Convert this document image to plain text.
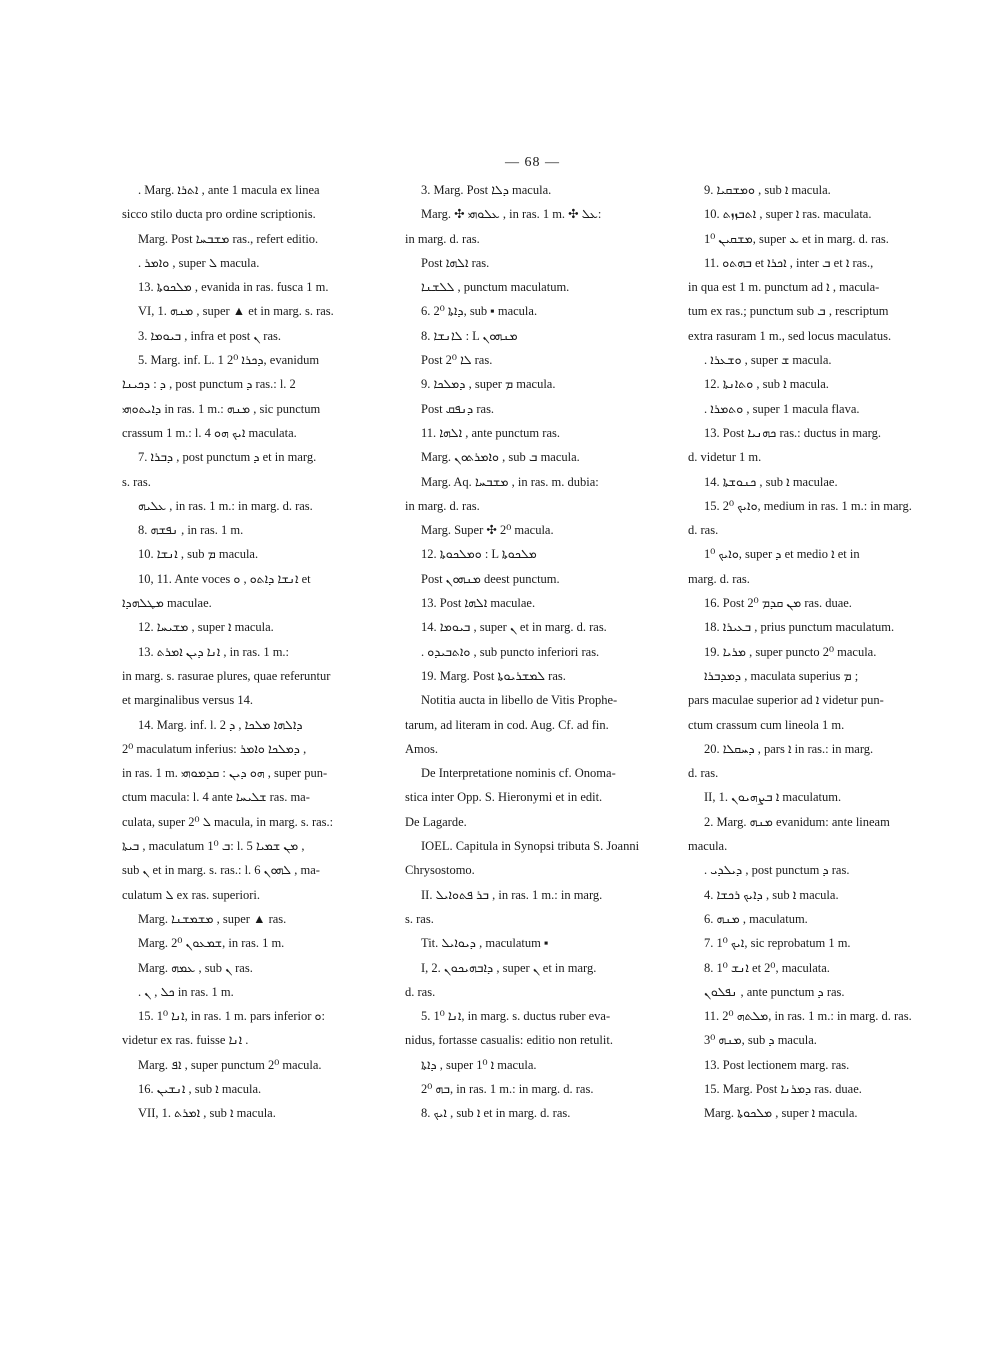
— 68 —
. Marg. ܐܬܪܐ , ante 1 macula ex linea
sicco stilo ducta pro ordine scriptionis.
Marg. Post ܡܫܒܚܐ ras., refert editio.
. ܘܐܡܪ , super ܠ macula.
13. ܡܠܟܘܬܐ , evanida in ras. fusca 1 m.
VI, 1. ܡܢܗ , super ▲ et in marg. s. ras.
3. ܒܝܘܡܐ , infra et post ܢ ras.
5. Marg. inf. L. 1 ܕܟܪܐ 2⁰, evanidum
ܕ : ܕܟܝܢܐ , post punctum ܕ ras.: l. 2
ܕܐܝܬܘܗܝ in ras. 1 m.: ܡܢܗ , sic punctum
crassum 1 m.: l. 4 ܐܝܟ ܗܘ maculata.
7. ܕܒܪܐ , post punctum ܕ et in marg.
s. ras.
ܥܠܝܗ , in ras. 1 m.: in marg. d. ras.
8. ܢܦܫܗ , in ras. 1 m.
10. ܐܢܫܐ , sub ܡ macula.
10, 11. Ante voces ܐܢܫܐ ܕܐܬܘ , ܘ et
ܡܛܠܗܕܐ maculae.
12. ܡܫܝܚܐ , super ܐ macula.
13. ܐܢܐ ܕܝܢ ܐܡܪܬ , in ras. 1 m.:
in marg. s. rasurae plures, quae referuntur
et marginalibus versus 14.
14. Marg. inf. l. 2 ܕܐܠܗܐ ܡܠܟܐ , ܕ
2⁰ maculatum inferius: ܕܡܠܟܐ ܘܐܡܪ ,
in ras. 1 m. ܗܘ ܕܝܢ : ܩܕܡܘܗܝ , super pun-
ctum macula: l. 4 ante ܫܠܝܚܐ ras. ma-
culata, super ܠ 2⁰ macula, in marg. s. ras.:
ܒܝܬܐ , maculatum ܒ 1⁰: l. 5 ܡܢ ܫܡܝܐ ,
sub ܢ et in marg. s. ras.: l. 6 ܠܗܘܢ , ma-
culatum ܠ ex ras. superiori.
Marg. ܡܫܡܫܢܐ , super ▲ ras.
Marg. ܫܡܥܘܢ 2⁰, in ras. 1 m.
Marg. ܥܡܗ , sub ܢ ras.
. ܟܠ , ܢ in ras. 1 m.
15. ܐܢܐ 1⁰, in ras. 1 m. pars inferior ܘ:
videtur ex ras. fuisse ܐܢܐ .
Marg. ܐܦ , super punctum 2⁰ macula.
16. ܐܢܫܝܢ , sub ܐ macula.
VII, 1. ܐܡܪܬ , sub ܐ macula.
3. Marg. Post ܕܠܐ macula.
Marg. ✣ ܥܠܘܗܝ , in ras. 1 m. ✣ ܥܠ:
in marg. d. ras.
Post ܐܠܗܐ ras.
ܠܠܫܢܐ , punctum maculatum.
6. ܕܐܬܐ 2⁰, sub ▪ macula.
8. ܠܐܢܫܐ : L ܡܢܗܘܢ
Post ܠܐ 2⁰ ras.
9. ܕܡܠܟܐ , super ܡ macula.
Post ܕܢܦܩ ras.
11. ܐܠܗܐ , ante punctum ras.
Marg. ܘܐܡܪܬܘܢ , sub ܒ macula.
Marg. Aq. ܡܫܒܚܐ , in ras. m. dubia:
in marg. d. ras.
Marg. Super ✣ 2⁰ macula.
12. ܘܡܠܟܘܬܐ : L ܡܠܟܘܬܐ
Post ܡܢܗܘܢ deest punctum.
13. Post ܐܠܗܐ maculae.
14. ܒܝܘܡܐ , super ܢ et in marg. d. ras.
. ܘܐܬܒܝܕܘ , sub puncto inferiori ras.
19. Marg. Post ܠܡܫܪܝܘܬܐ ras.
Notitia aucta in libello de Vitis Prophe-
tarum, ad literam in cod. Aug. Cf. ad fin.
Amos.
De Interpretatione nominis cf. Onoma-
stica inter Opp. S. Hieronymi et in edit.
De Lagarde.
IOEL. Capitula in Synopsi tributa S. Joanni
Chrysostomo.
II. ܒܪ ܦܬܘܐܝܠ , in ras. 1 m.: in marg.
s. ras.
Tit. ܕܝܘܐܝܠ , maculatum ▪
I, 2. ܕܐܒܗܝܟܘܢ , super ܢ et in marg.
d. ras.
5. ܐܢܐ 1⁰, in marg. s. ductus ruber eva-
nidus, fortasse casualis: editio non retulit.
ܕܐܬܐ , super ܐ 1⁰ macula.
ܒܗ 2⁰, in ras. 1 m.: in marg. d. ras.
8. ܐܝܟ , sub ܐ et in marg. d. ras.
9. ܘܡܫܩܝܐ , sub ܐ macula.
10. ܐܬܒܙܙܬ , super ܐ ras. maculata.
ܡܫܩܝܢ 1⁰, super ܥ et in marg. d. ras.
11. ܒܗܬܘ et ܐܟܪܐ , inter ܒ et ܐ ras.,
in qua est 1 m. punctum ad ܐ , macula-
tum ex ras.; punctum sub ܒ , rescriptum
extra rasuram 1 m., sed locus maculatus.
. ܘܫܥܪܐ , super ܫ macula.
12. ܘܬܐܢܬܐ , sub ܐ macula.
. ܘܬܡܪܐ , super 1 macula flava.
13. Post ܟܗܢܝܐ ras.: ductus in marg.
d. videtur 1 m.
14. ܟܢܘܫܬܐ , sub ܐ maculae.
15. ܘܐܝܟ 2⁰, medium in ras. 1 m.: in marg.
d. ras.
ܘܐܝܟ 1⁰, super ܕ et medio ܐ et in
marg. d. ras.
16. Post ܡܢ ܩܕܡ 2⁰ ras. duae.
18. ܒܥܝܪܐ , prius punctum maculatum.
19. ܡܪܝܐ , super puncto 2⁰ macula.
ܕܡܕܒܪܐ , maculata superius ܡ ;
pars maculae superior ad ܐ videtur pun-
ctum crassum cum lineola 1 m.
20. ܕܚܩܠܐ , pars ܐ in ras.: in marg.
d. ras.
II, 1. ܐ ܒܨܗܝܘܢ maculatum.
2. Marg. ܡܢܗ evanidum: ante lineam
macula.
. ܕܝܠܕܝ , post punctum ܕ ras.
4. ܕܐܝܟ ܪܟܫܐ , sub ܐ macula.
6. ܡܢܗ , maculatum.
7. ܐܝܟ 1⁰, sic reprobatum 1 m.
8. ܐܢܫ 1⁰ et 2⁰, maculata.
ܢܦܠܘܢ , ante punctum ܕ ras.
11. ܡܠܬܗ 2⁰, in ras. 1 m.: in marg. d. ras.
ܡܢܗ 3⁰, sub ܕ macula.
13. Post lectionem marg. ras.
15. Marg. Post ܕܡܪܢܐ ras. duae.
Marg. ܡܠܟܘܬܐ , super ܐ macula.
